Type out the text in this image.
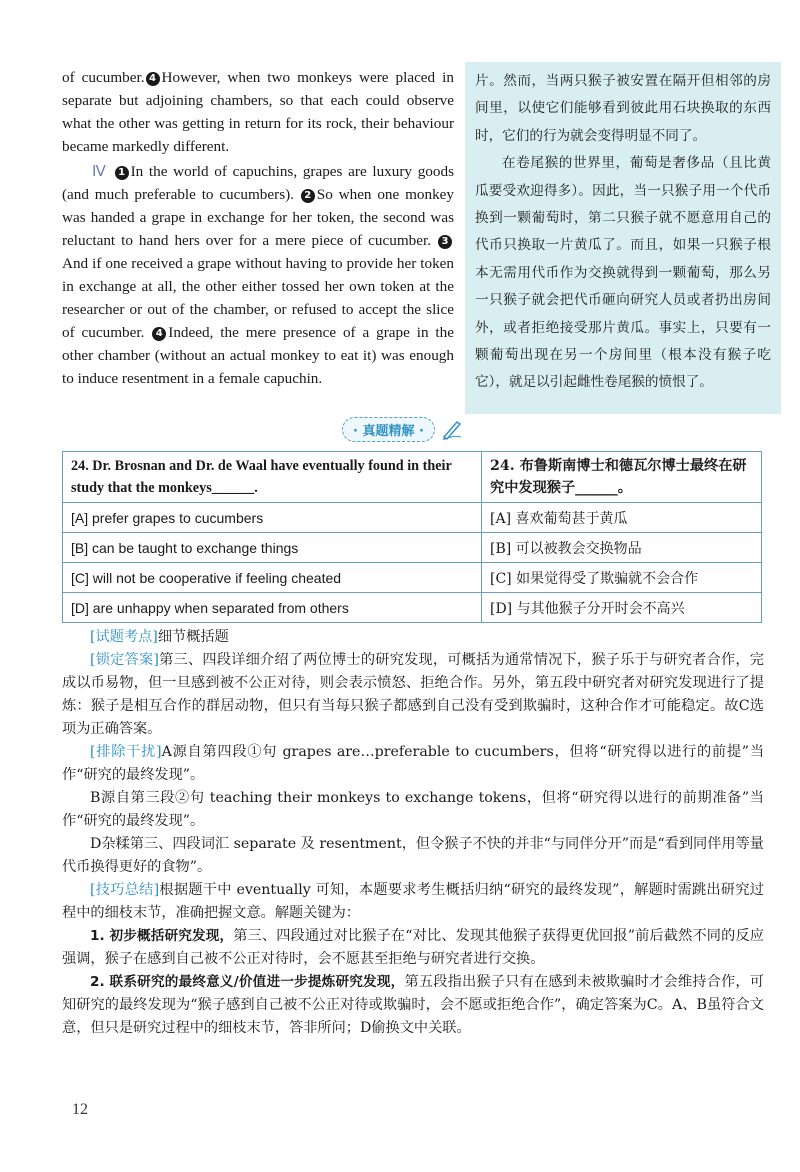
of cucumber. 4 However, when two monkeys were placed in separate but adjoining chambers, so that each could observe what the other was getting in return for its rock, their behaviour became markedly different.

Ⅳ 1 In the world of capuchins, grapes are luxury goods (and much preferable to cucumbers). 2 So when one monkey was handed a grape in exchange for her token, the second was reluctant to hand hers over for a mere piece of cucumber. 3And if one received a grape without having to provide her token in exchange at all, the other either tossed her own token at the researcher or out of the chamber, or refused to accept the slice of cucumber. 4 Indeed, the mere presence of a grape in the other chamber (without an actual monkey to eat it) was enough to induce resentment in a female capuchin.

片。然而，当两只猴子被安置在隔开但相邻的房间里，以使它们能够看到彼此用石块换取的东西时，它们的行为就会变得明显不同了。

在卷尾猴的世界里，葡萄是奢侈品（且比黄瓜要受欢迎得多）。因此，当一只猴子用一个代币换到一颗葡萄时，第二只猴子就不愿意用自己的代币只换取一片黄瓜了。而且，如果一只猴子根本无需用代币作为交换就得到一颗葡萄，那么另一只猴子就会把代币砸向研究人员或者扔出房间外，或者拒绝接受那片黄瓜。事实上，只要有一颗葡萄出现在另一个房间里（根本没有猴子吃它），就足以引起雌性卷尾猴的愤恨了。

· 真题精解 ·
24. Dr. Brosnan and Dr. de Waal have eventually found in their study that the monkeys______.	24. 布鲁斯南博士和德瓦尔博士最终在研究中发现猴子______。
[A] prefer grapes to cucumbers	[A] 喜欢葡萄甚于黄瓜
[B] can be taught to exchange things	[B] 可以被教会交换物品
[C] will not be cooperative if feeling cheated	[C] 如果觉得受了欺骗就不会合作
[D] are unhappy when separated from others	[D] 与其他猴子分开时会不高兴

[试题考点]细节概括题

[锁定答案]第三、四段详细介绍了两位博士的研究发现，可概括为通常情况下，猴子乐于与研究者合作，完成以币易物，但一旦感到被不公正对待，则会表示愤怒、拒绝合作。另外，第五段中研究者对研究发现进行了提炼：猴子是相互合作的群居动物，但只有当每只猴子都感到自己没有受到欺骗时，这种合作才可能稳定。故C选项为正确答案。

[排除干扰]A源自第四段①句 grapes are…preferable to cucumbers，但将“研究得以进行的前提”当作“研究的最终发现”。

B源自第三段②句 teaching their monkeys to exchange tokens，但将“研究得以进行的前期准备”当作“研究的最终发现”。

D杂糅第三、四段词汇 separate 及 resentment，但令猴子不快的并非“与同伴分开”而是“看到同伴用等量代币换得更好的食物”。

[技巧总结]根据题干中 eventually 可知，本题要求考生概括归纳“研究的最终发现”，解题时需跳出研究过程中的细枝末节，准确把握文意。解题关键为：

1. 初步概括研究发现，第三、四段通过对比猴子在“对比、发现其他猴子获得更优回报”前后截然不同的反应强调，猴子在感到自己被不公正对待时，会不愿甚至拒绝与研究者进行交换。

2. 联系研究的最终意义/价值进一步提炼研究发现，第五段指出猴子只有在感到未被欺骗时才会维持合作，可知研究的最终发现为“猴子感到自己被不公正对待或欺骗时，会不愿或拒绝合作”，确定答案为C。A、B虽符合文意，但只是研究过程中的细枝末节，答非所问；D偷换文中关联。

12
